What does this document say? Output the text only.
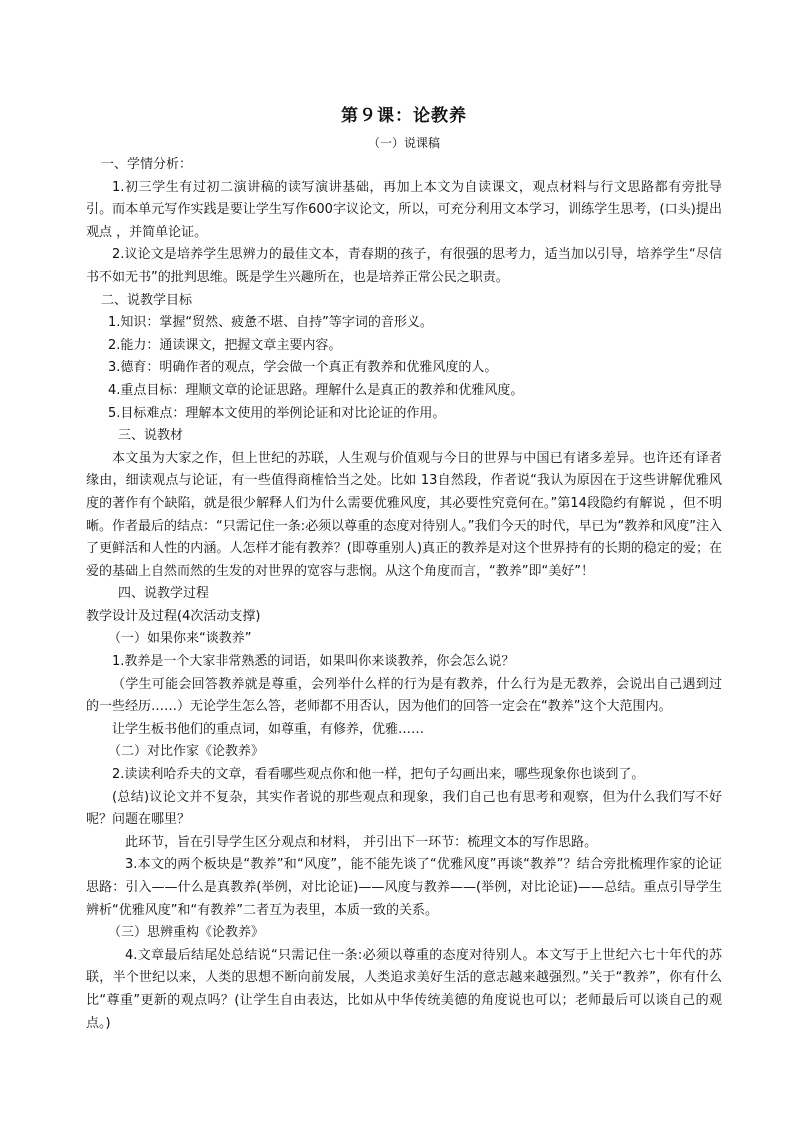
第９课：论教养
（一）说课稿

一、学情分析：

1.初三学生有过初二演讲稿的读写演讲基础，再加上本文为自读课文，观点材料与行文思路都有旁批导引。而本单元写作实践是要让学生写作600字议论文，所以，可充分利用文本学习，训练学生思考，(口头)提出观点 ，并简单论证。

2.议论文是培养学生思辨力的最佳文本，青春期的孩子，有很强的思考力，适当加以引导，培养学生“尽信书不如无书”的批判思维。既是学生兴趣所在，也是培养正常公民之职责。

二、说教学目标

1.知识：掌握“贸然、疲惫不堪、自持”等字词的音形义。

2.能力：通读课文，把握文章主要内容。

3.德育：明确作者的观点，学会做一个真正有教养和优雅风度的人。

4.重点目标：理顺文章的论证思路。理解什么是真正的教养和优雅风度。

5.目标难点：理解本文使用的举例论证和对比论证的作用。

三、说教材

本文虽为大家之作，但上世纪的苏联，人生观与价值观与今日的世界与中国已有诸多差异。也许还有译者缘由，细读观点与论证，有一些值得商榷恰当之处。比如 13自然段，作者说“我认为原因在于这些讲解优雅风度的著作有个缺陷，就是很少解释人们为什么需要优雅风度，其必要性究竟何在。”第14段隐约有解说 ，但不明晰。作者最后的结点：“只需记住一条:必须以尊重的态度对待别人。”我们今天的时代，早已为“教养和风度”注入了更鲜活和人性的内涵。人怎样才能有教养？(即尊重别人)真正的教养是对这个世界持有的长期的稳定的爱；在爱的基础上自然而然的生发的对世界的宽容与悲悯。从这个角度而言，“教养”即“美好”！

四、说教学过程

教学设计及过程(4次活动支撑)

（一）如果你来“谈教养”

1.教养是一个大家非常熟悉的词语，如果叫你来谈教养，你会怎么说？

（学生可能会回答教养就是尊重，会列举什么样的行为是有教养，什么行为是无教养，会说出自己遇到过的一些经历……）无论学生怎么答，老师都不用否认，因为他们的回答一定会在“教养”这个大范围内。

让学生板书他们的重点词，如尊重，有修养，优雅……

（二）对比作家《论教养》

2.读读利哈乔夫的文章，看看哪些观点你和他一样，把句子勾画出来，哪些现象你也谈到了。

(总结)议论文并不复杂，其实作者说的那些观点和现象，我们自己也有思考和观察，但为什么我们写不好呢？问题在哪里？

此环节，旨在引导学生区分观点和材料， 并引出下一环节：梳理文本的写作思路。

3.本文的两个板块是“教养”和“风度”，能不能先谈了“优雅风度”再谈“教养”？结合旁批梳理作家的论证思路：引入——什么是真教养(举例，对比论证)——风度与教养——(举例，对比论证)——总结。重点引导学生辨析“优雅风度”和“有教养”二者互为表里，本质一致的关系。

（三）思辨重构《论教养》

4.文章最后结尾处总结说“只需记住一条:必须以尊重的态度对待别人。本文写于上世纪六七十年代的苏联，半个世纪以来，人类的思想不断向前发展，人类追求美好生活的意志越来越强烈。”关于“教养”，你有什么比“尊重”更新的观点吗？(让学生自由表达，比如从中华传统美德的角度说也可以；老师最后可以谈自己的观点。)
